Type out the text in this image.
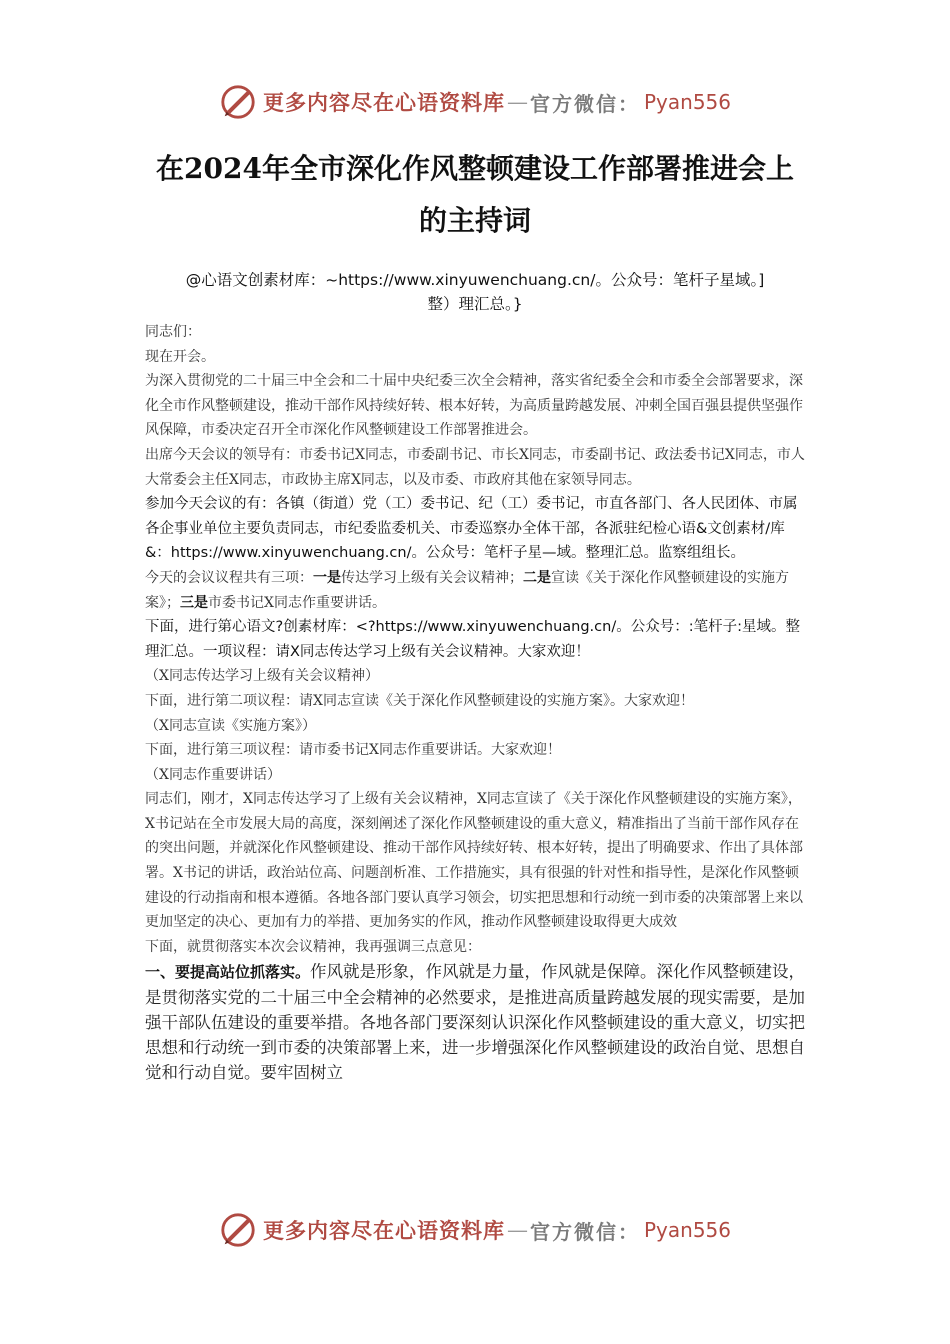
更多内容尽在心语资料库 — 官方微信： Pyan556
在2024年全市深化作风整顿建设工作部署推进会上
的主持词
@心语文创素材库：~https://www.xinyuwenchuang.cn/。公众号：笔杆子星域。]
整）理汇总。}

同志们：

现在开会。

为深入贯彻党的二十届三中全会和二十届中央纪委三次全会精神，落实省纪委全会和市委全会部署要求，深化全市作风整顿建设，推动干部作风持续好转、根本好转，为高质量跨越发展、冲刺全国百强县提供坚强作风保障，市委决定召开全市深化作风整顿建设工作部署推进会。

出席今天会议的领导有：市委书记X同志，市委副书记、市长X同志，市委副书记、政法委书记X同志，市人大常委会主任X同志，市政协主席X同志，以及市委、市政府其他在家领导同志。

参加今天会议的有：各镇（街道）党（工）委书记、纪（工）委书记，市直各部门、各人民团体、市属各企事业单位主要负责同志，市纪委监委机关、市委巡察办全体干部，各派驻纪检心语&文创素材/库&：https://www.xinyuwenchuang.cn/。公众号：笔杆子星—域。整理汇总。监察组组长。

今天的会议议程共有三项：一是传达学习上级有关会议精神；二是宣读《关于深化作风整顿建设的实施方案》；三是市委书记X同志作重要讲话。

下面，进行第心语文?创素材库：<?https://www.xinyuwenchuang.cn/。公众号：:笔杆子:星域。整理汇总。一项议程：请X同志传达学习上级有关会议精神。大家欢迎！

（X同志传达学习上级有关会议精神）

下面，进行第二项议程：请X同志宣读《关于深化作风整顿建设的实施方案》。大家欢迎！

（X同志宣读《实施方案》）

下面，进行第三项议程：请市委书记X同志作重要讲话。大家欢迎！

（X同志作重要讲话）

同志们，刚才，X同志传达学习了上级有关会议精神，X同志宣读了《关于深化作风整顿建设的实施方案》，X书记站在全市发展大局的高度，深刻阐述了深化作风整顿建设的重大意义，精准指出了当前干部作风存在的突出问题，并就深化作风整顿建设、推动干部作风持续好转、根本好转，提出了明确要求、作出了具体部署。X书记的讲话，政治站位高、问题剖析准、工作措施实，具有很强的针对性和指导性，是深化作风整顿建设的行动指南和根本遵循。各地各部门要认真学习领会，切实把思想和行动统一到市委的决策部署上来以更加坚定的决心、更加有力的举措、更加务实的作风，推动作风整顿建设取得更大成效

下面，就贯彻落实本次会议精神，我再强调三点意见：

一、要提高站位抓落实。作风就是形象，作风就是力量，作风就是保障。深化作风整顿建设，是贯彻落实党的二十届三中全会精神的必然要求，是推进高质量跨越发展的现实需要，是加强干部队伍建设的重要举措。各地各部门要深刻认识深化作风整顿建设的重大意义，切实把思想和行动统一到市委的决策部署上来，进一步增强深化作风整顿建设的政治自觉、思想自觉和行动自觉。要牢固树立

更多内容尽在心语资料库 — 官方微信： Pyan556
